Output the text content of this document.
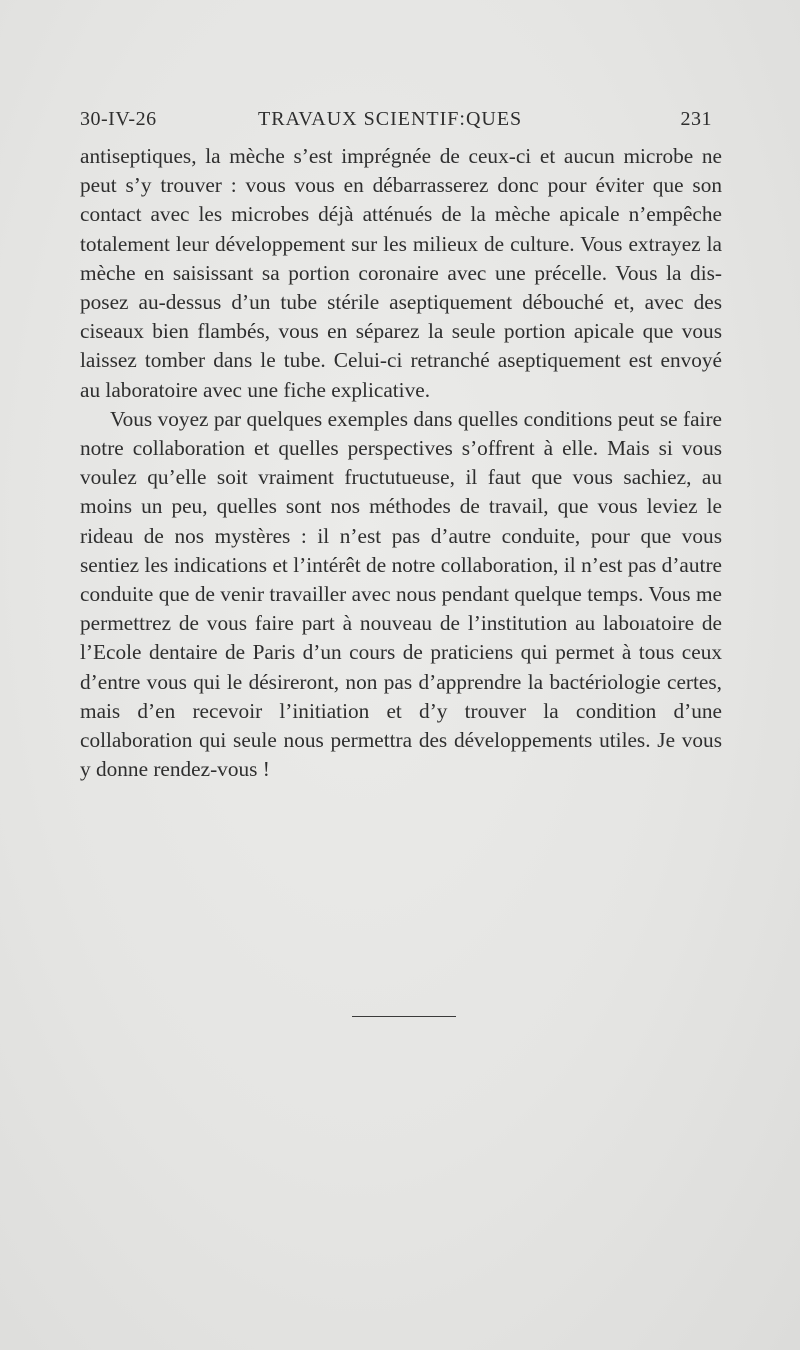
30-IV-26	TRAVAUX SCIENTIF:QUES	231

antiseptiques, la mèche s’est imprégnée de ceux-ci et aucun microbe ne peut s’y trouver : vous vous en débarrasserez donc pour éviter que son contact avec les microbes déjà atténués de la mèche apicale n’empêche totalement leur développement sur les milieux de culture. Vous extrayez la mèche en saisissant sa portion coronaire avec une précelle. Vous la disposez au-dessus d’un tube stérile aseptiquement débouché et, avec des ciseaux bien flambés, vous en séparez la seule portion apicale que vous laissez tomber dans le tube. Celui-ci retranché aseptiquement est envoyé au laboratoire avec une fiche explicative.

Vous voyez par quelques exemples dans quelles conditions peut se faire notre collaboration et quelles perspectives s’offrent à elle. Mais si vous voulez qu’elle soit vraiment fructutueuse, il faut que vous sachiez, au moins un peu, quelles sont nos méthodes de travail, que vous leviez le rideau de nos mystères : il n’est pas d’autre conduite, pour que vous sentiez les indications et l’intérêt de notre collaboration, il n’est pas d’autre conduite que de venir travailler avec nous pendant quelque temps. Vous me permettrez de vous faire part à nouveau de l’institution au laboıatoire de l’Ecole dentaire de Paris d’un cours de praticiens qui permet à tous ceux d’entre vous qui le désireront, non pas d’apprendre la bactériologie certes, mais d’en recevoir l’initiation et d’y trouver la condition d’une collaboration qui seule nous permettra des développements utiles. Je vous y donne rendez-vous !
